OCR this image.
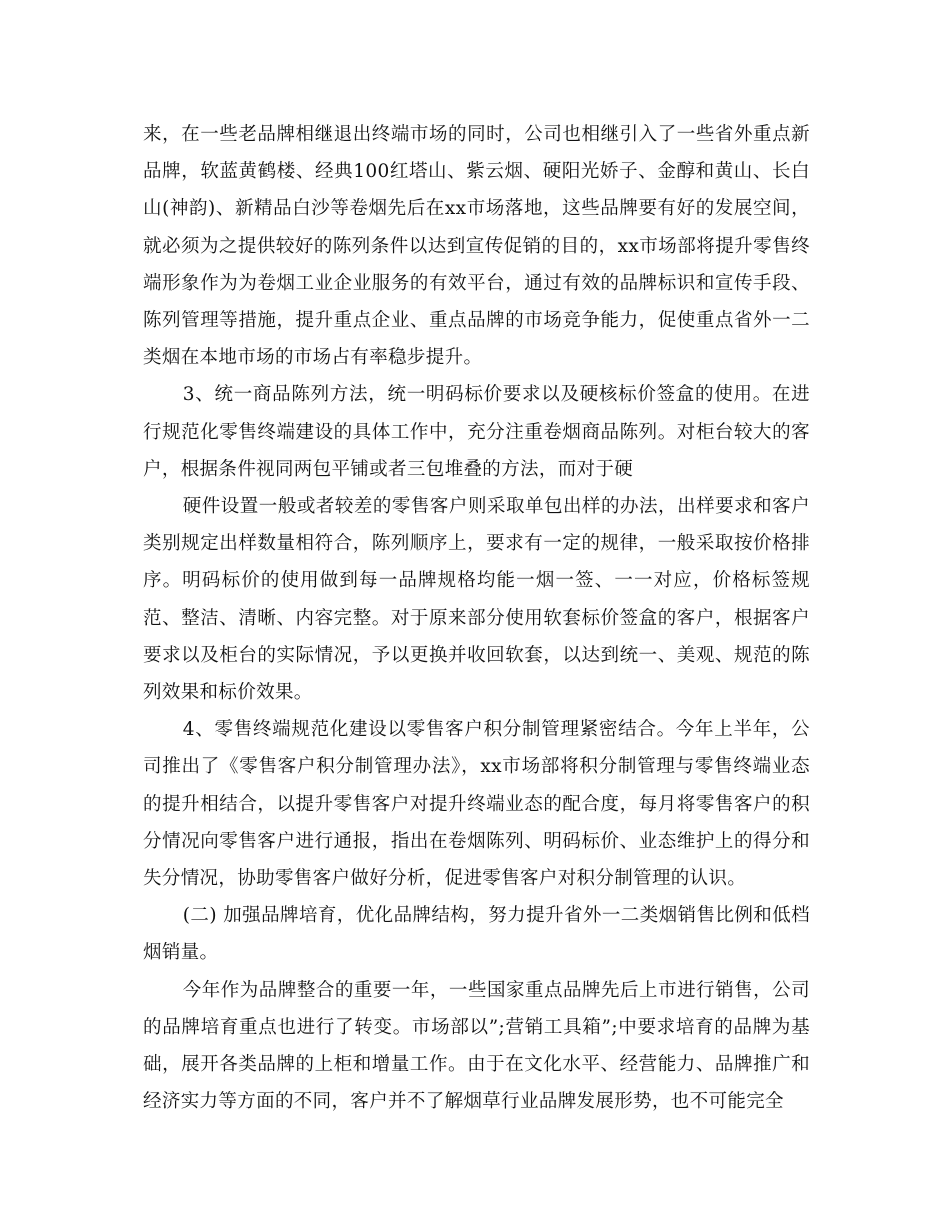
来，在一些老品牌相继退出终端市场的同时，公司也相继引入了一些省外重点新品牌，软蓝黄鹤楼、经典100红塔山、紫云烟、硬阳光娇子、金醇和黄山、长白山(神韵)、新精品白沙等卷烟先后在xx市场落地，这些品牌要有好的发展空间，就必须为之提供较好的陈列条件以达到宣传促销的目的，xx市场部将提升零售终端形象作为为卷烟工业企业服务的有效平台，通过有效的品牌标识和宣传手段、陈列管理等措施，提升重点企业、重点品牌的市场竞争能力，促使重点省外一二类烟在本地市场的市场占有率稳步提升。

3、统一商品陈列方法，统一明码标价要求以及硬核标价签盒的使用。在进行规范化零售终端建设的具体工作中，充分注重卷烟商品陈列。对柜台较大的客户，根据条件视同两包平铺或者三包堆叠的方法，而对于硬

硬件设置一般或者较差的零售客户则采取单包出样的办法，出样要求和客户类别规定出样数量相符合，陈列顺序上，要求有一定的规律，一般采取按价格排序。明码标价的使用做到每一品牌规格均能一烟一签、一一对应，价格标签规范、整洁、清晰、内容完整。对于原来部分使用软套标价签盒的客户，根据客户要求以及柜台的实际情况，予以更换并收回软套，以达到统一、美观、规范的陈列效果和标价效果。

4、零售终端规范化建设以零售客户积分制管理紧密结合。今年上半年，公司推出了《零售客户积分制管理办法》，xx市场部将积分制管理与零售终端业态的提升相结合，以提升零售客户对提升终端业态的配合度，每月将零售客户的积分情况向零售客户进行通报，指出在卷烟陈列、明码标价、业态维护上的得分和失分情况，协助零售客户做好分析，促进零售客户对积分制管理的认识。

(二) 加强品牌培育，优化品牌结构，努力提升省外一二类烟销售比例和低档烟销量。

今年作为品牌整合的重要一年，一些国家重点品牌先后上市进行销售，公司的品牌培育重点也进行了转变。市场部以”;营销工具箱”;中要求培育的品牌为基础，展开各类品牌的上柜和增量工作。由于在文化水平、经营能力、品牌推广和经济实力等方面的不同，客户并不了解烟草行业品牌发展形势，也不可能完全
